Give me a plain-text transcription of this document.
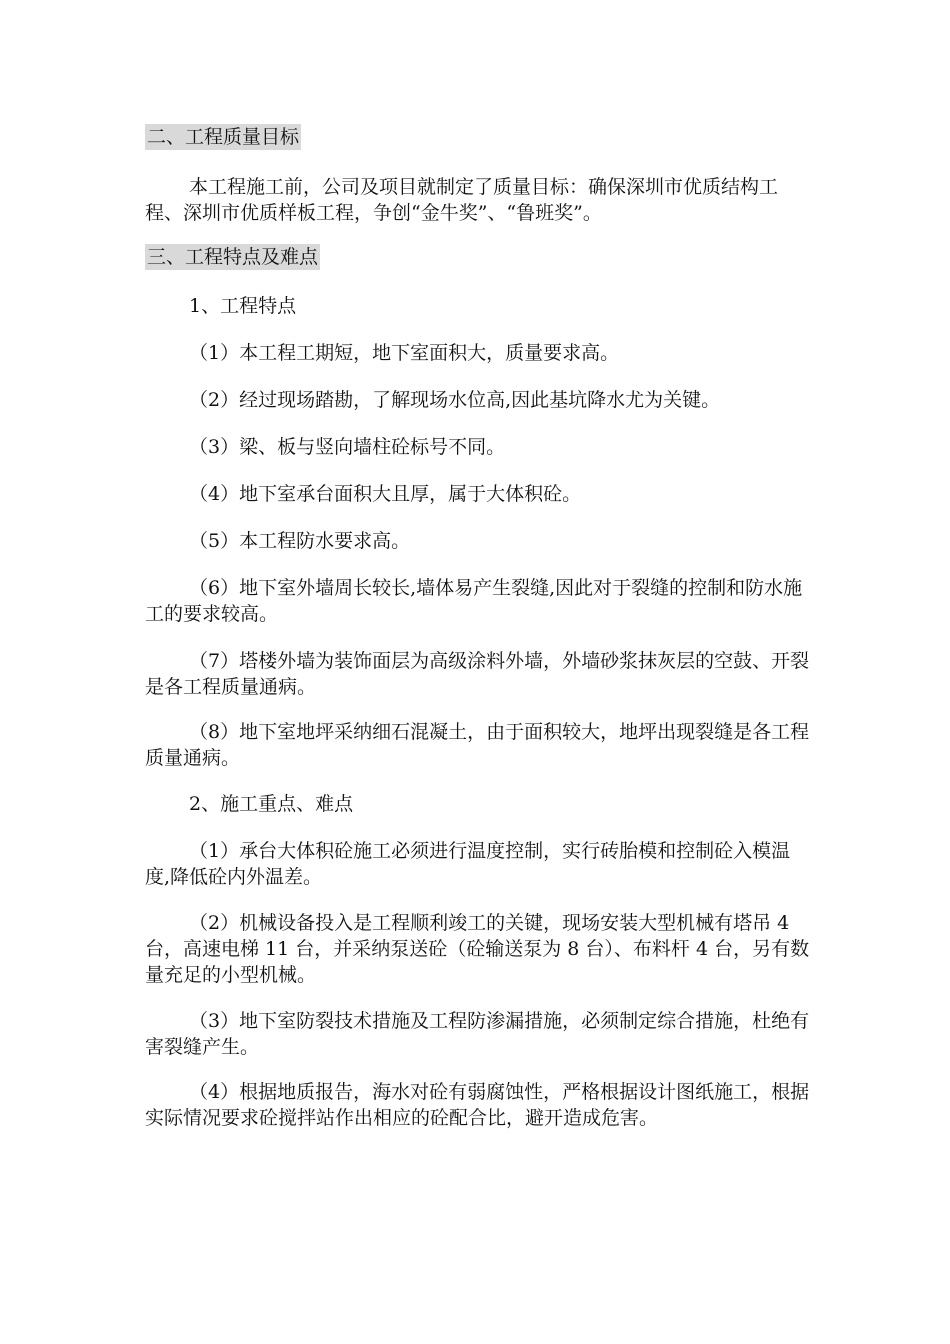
二、工程质量目标

本工程施工前，公司及项目就制定了质量目标：确保深圳市优质结构工程、深圳市优质样板工程，争创“金牛奖”、“鲁班奖”。

三、工程特点及难点

1、工程特点

（1）本工程工期短，地下室面积大，质量要求高。

（2）经过现场踏勘，了解现场水位高,因此基坑降水尤为关键。

（3）梁、板与竖向墙柱砼标号不同。

（4）地下室承台面积大且厚，属于大体积砼。

（5）本工程防水要求高。

（6）地下室外墙周长较长,墙体易产生裂缝,因此对于裂缝的控制和防水施工的要求较高。

（7）塔楼外墙为装饰面层为高级涂料外墙，外墙砂浆抹灰层的空鼓、开裂是各工程质量通病。

（8）地下室地坪采纳细石混凝土，由于面积较大，地坪出现裂缝是各工程质量通病。

2、施工重点、难点

（1）承台大体积砼施工必须进行温度控制，实行砖胎模和控制砼入模温度,降低砼内外温差。

（2）机械设备投入是工程顺利竣工的关键，现场安装大型机械有塔吊 4 台，高速电梯 11 台，并采纳泵送砼（砼输送泵为 8 台）、布料杆 4 台，另有数量充足的小型机械。

（3）地下室防裂技术措施及工程防渗漏措施，必须制定综合措施，杜绝有害裂缝产生。

（4）根据地质报告，海水对砼有弱腐蚀性，严格根据设计图纸施工，根据实际情况要求砼搅拌站作出相应的砼配合比，避开造成危害。
